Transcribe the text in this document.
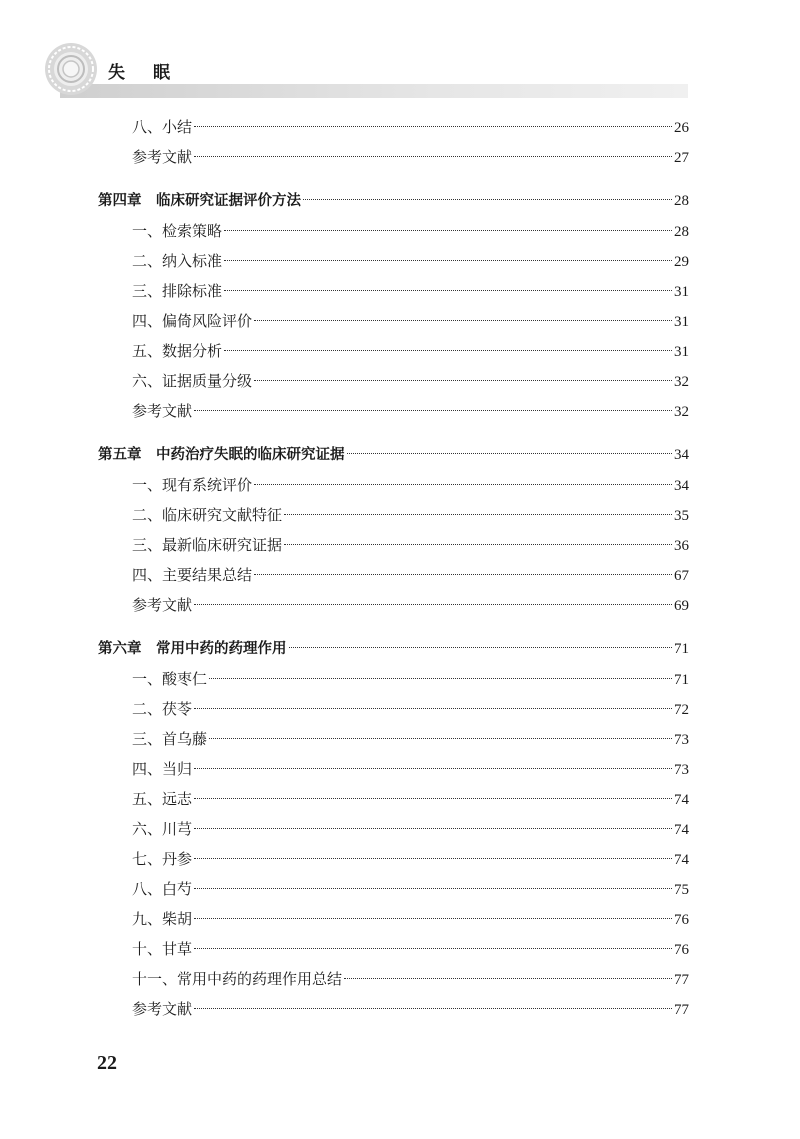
失眠
八、小结	26
参考文献	27
第四章　临床研究证据评价方法	28
一、检索策略	28
二、纳入标准	29
三、排除标准	31
四、偏倚风险评价	31
五、数据分析	31
六、证据质量分级	32
参考文献	32
第五章　中药治疗失眠的临床研究证据	34
一、现有系统评价	34
二、临床研究文献特征	35
三、最新临床研究证据	36
四、主要结果总结	67
参考文献	69
第六章　常用中药的药理作用	71
一、酸枣仁	71
二、茯苓	72
三、首乌藤	73
四、当归	73
五、远志	74
六、川芎	74
七、丹参	74
八、白芍	75
九、柴胡	76
十、甘草	76
十一、常用中药的药理作用总结	77
参考文献	77
22
